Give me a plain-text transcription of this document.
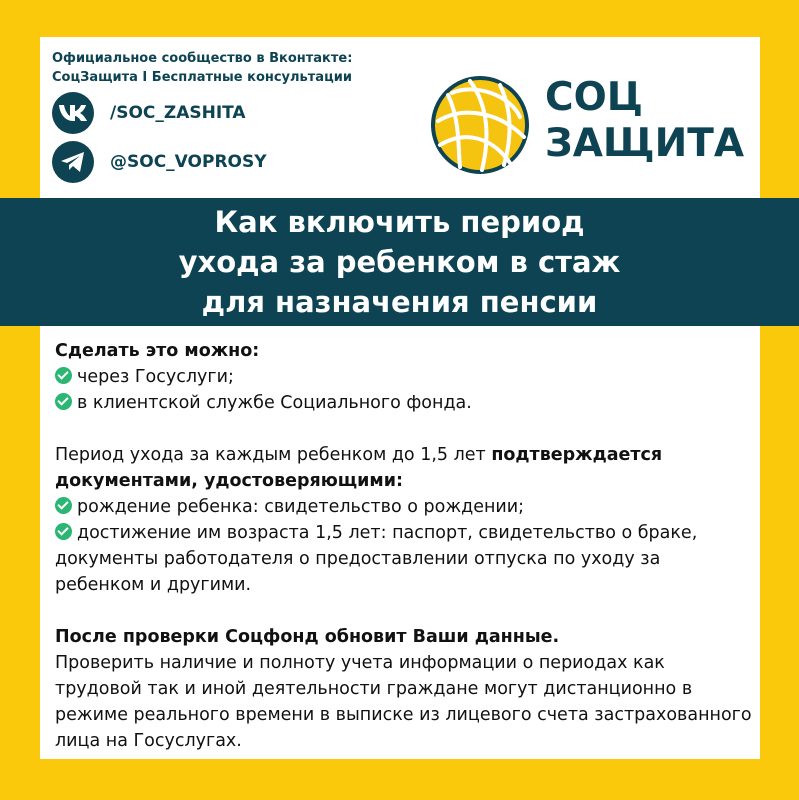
Официальное сообщество в Вконтакте:
СоцЗащита I Бесплатные консультации
/SOC_ZASHITA
@SOC_VOPROSY
СОЦ
ЗАЩИТА
Как включить период
ухода за ребенком в стаж
для назначения пенсии
Сделать это можно:
через Госуслуги;
в клиентской службе Социального фонда.
Период ухода за каждым ребенком до 1,5 лет подтверждается документами, удостоверяющими:
рождение ребенка: свидетельство о рождении;
достижение им возраста 1,5 лет: паспорт, свидетельство о браке, документы работодателя о предоставлении отпуска по уходу за ребенком и другими.
После проверки Соцфонд обновит Ваши данные.
Проверить наличие и полноту учета информации о периодах как трудовой так и иной деятельности граждане могут дистанционно в режиме реального времени в выписке из лицевого счета застрахованного лица на Госуслугах.
